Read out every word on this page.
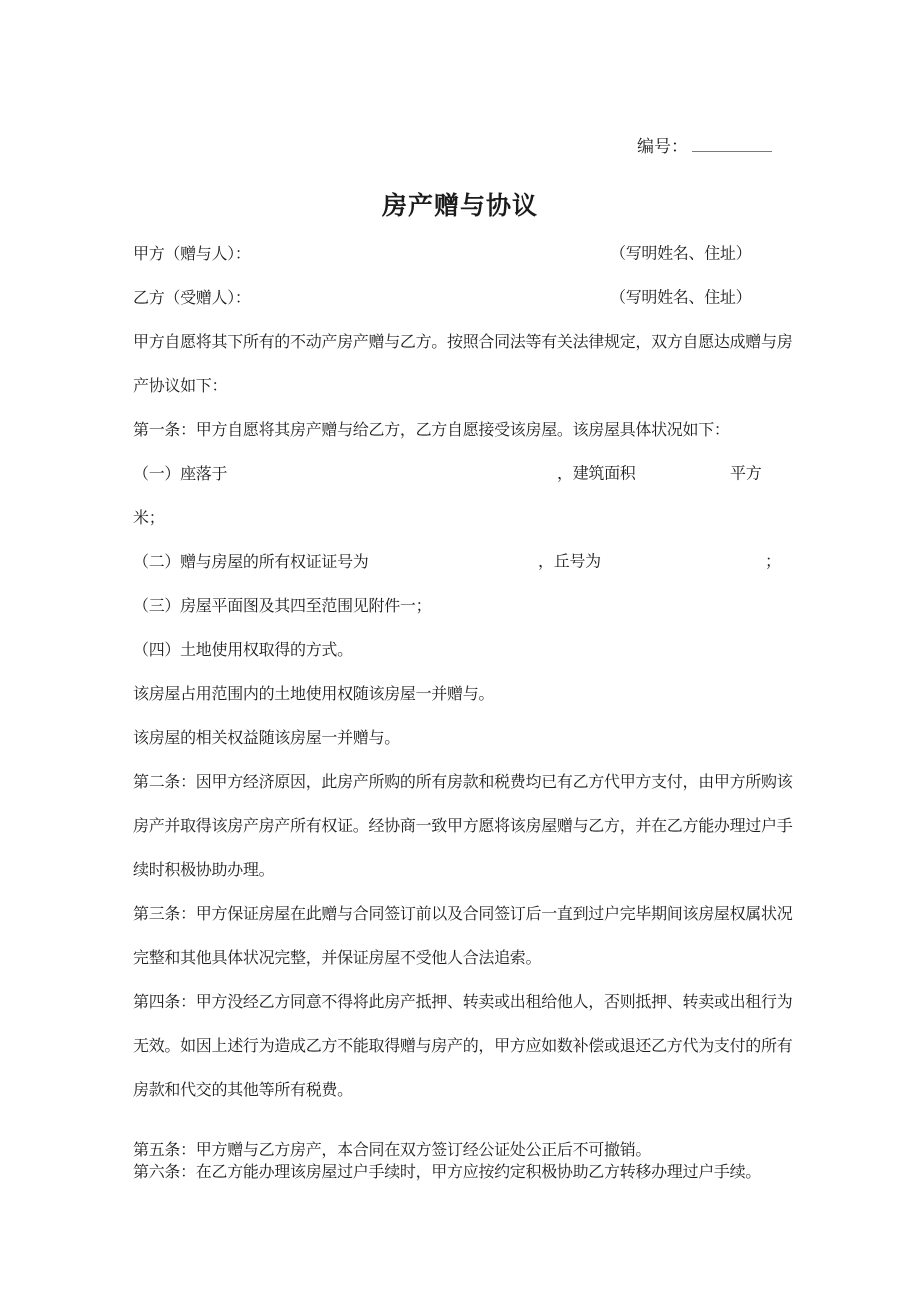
编号：
房产赠与协议
甲方（赠与人）：	（写明姓名、住址）
乙方（受赠人）：	（写明姓名、住址）
甲方自愿将其下所有的不动产房产赠与乙方。按照合同法等有关法律规定，双方自愿达成赠与房
产协议如下：
第一条：甲方自愿将其房产赠与给乙方，乙方自愿接受该房屋。该房屋具体状况如下：
（一）座落于	，建筑面积	平方
米；
（二）赠与房屋的所有权证证号为	，丘号为	；
（三）房屋平面图及其四至范围见附件一；
（四）土地使用权取得的方式。
该房屋占用范围内的土地使用权随该房屋一并赠与。
该房屋的相关权益随该房屋一并赠与。
第二条：因甲方经济原因，此房产所购的所有房款和税费均已有乙方代甲方支付，由甲方所购该
房产并取得该房产房产所有权证。经协商一致甲方愿将该房屋赠与乙方，并在乙方能办理过户手
续时积极协助办理。
第三条：甲方保证房屋在此赠与合同签订前以及合同签订后一直到过户完毕期间该房屋权属状况
完整和其他具体状况完整，并保证房屋不受他人合法追索。
第四条：甲方没经乙方同意不得将此房产抵押、转卖或出租给他人，否则抵押、转卖或出租行为
无效。如因上述行为造成乙方不能取得赠与房产的，甲方应如数补偿或退还乙方代为支付的所有
房款和代交的其他等所有税费。
第五条：甲方赠与乙方房产，本合同在双方签订经公证处公正后不可撤销。
第六条：在乙方能办理该房屋过户手续时，甲方应按约定积极协助乙方转移办理过户手续。
